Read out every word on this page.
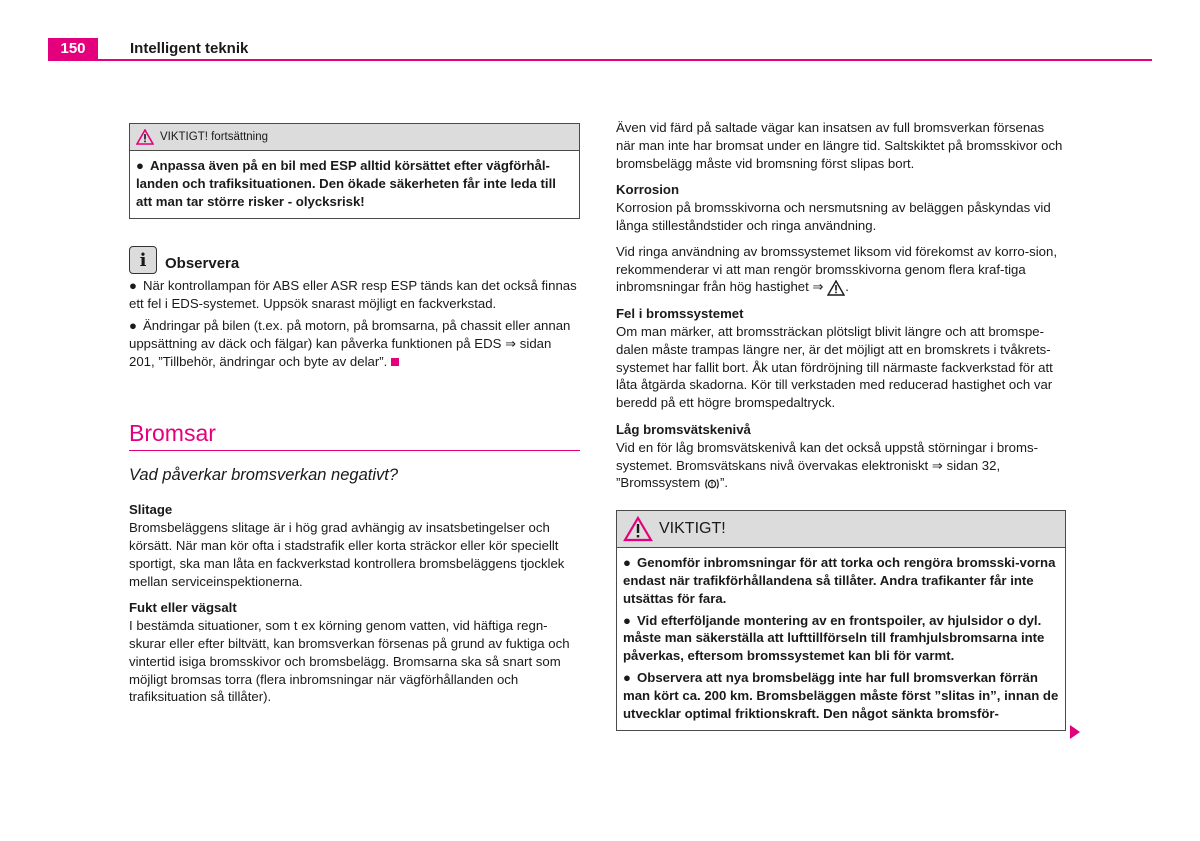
150	Intelligent teknik
VIKTIGT! fortsättning

● Anpassa även på en bil med ESP alltid körsättet efter vägförhål-landen och trafiksituationen. Den ökade säkerheten får inte leda till att man tar större risker - olycksrisk!

i	Observera

● När kontrollampan för ABS eller ASR resp ESP tänds kan det också finnas ett fel i EDS-systemet. Uppsök snarast möjligt en fackverkstad.

● Ändringar på bilen (t.ex. på motorn, på bromsarna, på chassit eller annan uppsättning av däck och fälgar) kan påverka funktionen på EDS ⇒ sidan 201, ”Tillbehör, ändringar och byte av delar”.

Bromsar
Vad påverkar bromsverkan negativt?
Slitage

Bromsbeläggens slitage är i hög grad avhängig av insatsbetingelser och körsätt. När man kör ofta i stadstrafik eller korta sträckor eller kör speciellt sportigt, ska man låta en fackverkstad kontrollera bromsbeläggens tjocklek mellan serviceinspektionerna.

Fukt eller vägsalt

I bestämda situationer, som t ex körning genom vatten, vid häftiga regn-skurar eller efter biltvätt, kan bromsverkan försenas på grund av fuktiga och vintertid isiga bromsskivor och bromsbelägg. Bromsarna ska så snart som möjligt bromsas torra (flera inbromsningar när vägförhållanden och trafiksituation så tillåter).

Även vid färd på saltade vägar kan insatsen av full bromsverkan försenas när man inte har bromsat under en längre tid. Saltskiktet på bromsskivor och bromsbelägg måste vid bromsning först slipas bort.

Korrosion

Korrosion på bromsskivorna och nersmutsning av beläggen påskyndas vid långa stilleståndstider och ringa användning.

Vid ringa användning av bromssystemet liksom vid förekomst av korro-sion, rekommenderar vi att man rengör bromsskivorna genom flera kraf-tiga inbromsningar från hög hastighet ⇒ .

Fel i bromssystemet

Om man märker, att bromssträckan plötsligt blivit längre och att bromspe-dalen måste trampas längre ner, är det möjligt att en bromskrets i tvåkrets-systemet har fallit bort. Åk utan fördröjning till närmaste fackverkstad för att låta åtgärda skadorna. Kör till verkstaden med reducerad hastighet och var beredd på ett högre bromspedaltryck.

Låg bromsvätskenivå

Vid en för låg bromsvätskenivå kan det också uppstå störningar i broms-systemet. Bromsvätskans nivå övervakas elektroniskt ⇒ sidan 32, ”Bromssystem ”.

VIKTIGT!

● Genomför inbromsningar för att torka och rengöra bromsski-vorna endast när trafikförhållandena så tillåter. Andra trafikanter får inte utsättas för fara.

● Vid efterföljande montering av en frontspoiler, av hjulsidor o dyl. måste man säkerställa att lufttillförseln till framhjulsbromsarna inte påverkas, eftersom bromssystemet kan bli för varmt.

● Observera att nya bromsbelägg inte har full bromsverkan förrän man kört ca. 200 km. Bromsbeläggen måste först ”slitas in”, innan de utvecklar optimal friktionskraft. Den något sänkta bromsför-
